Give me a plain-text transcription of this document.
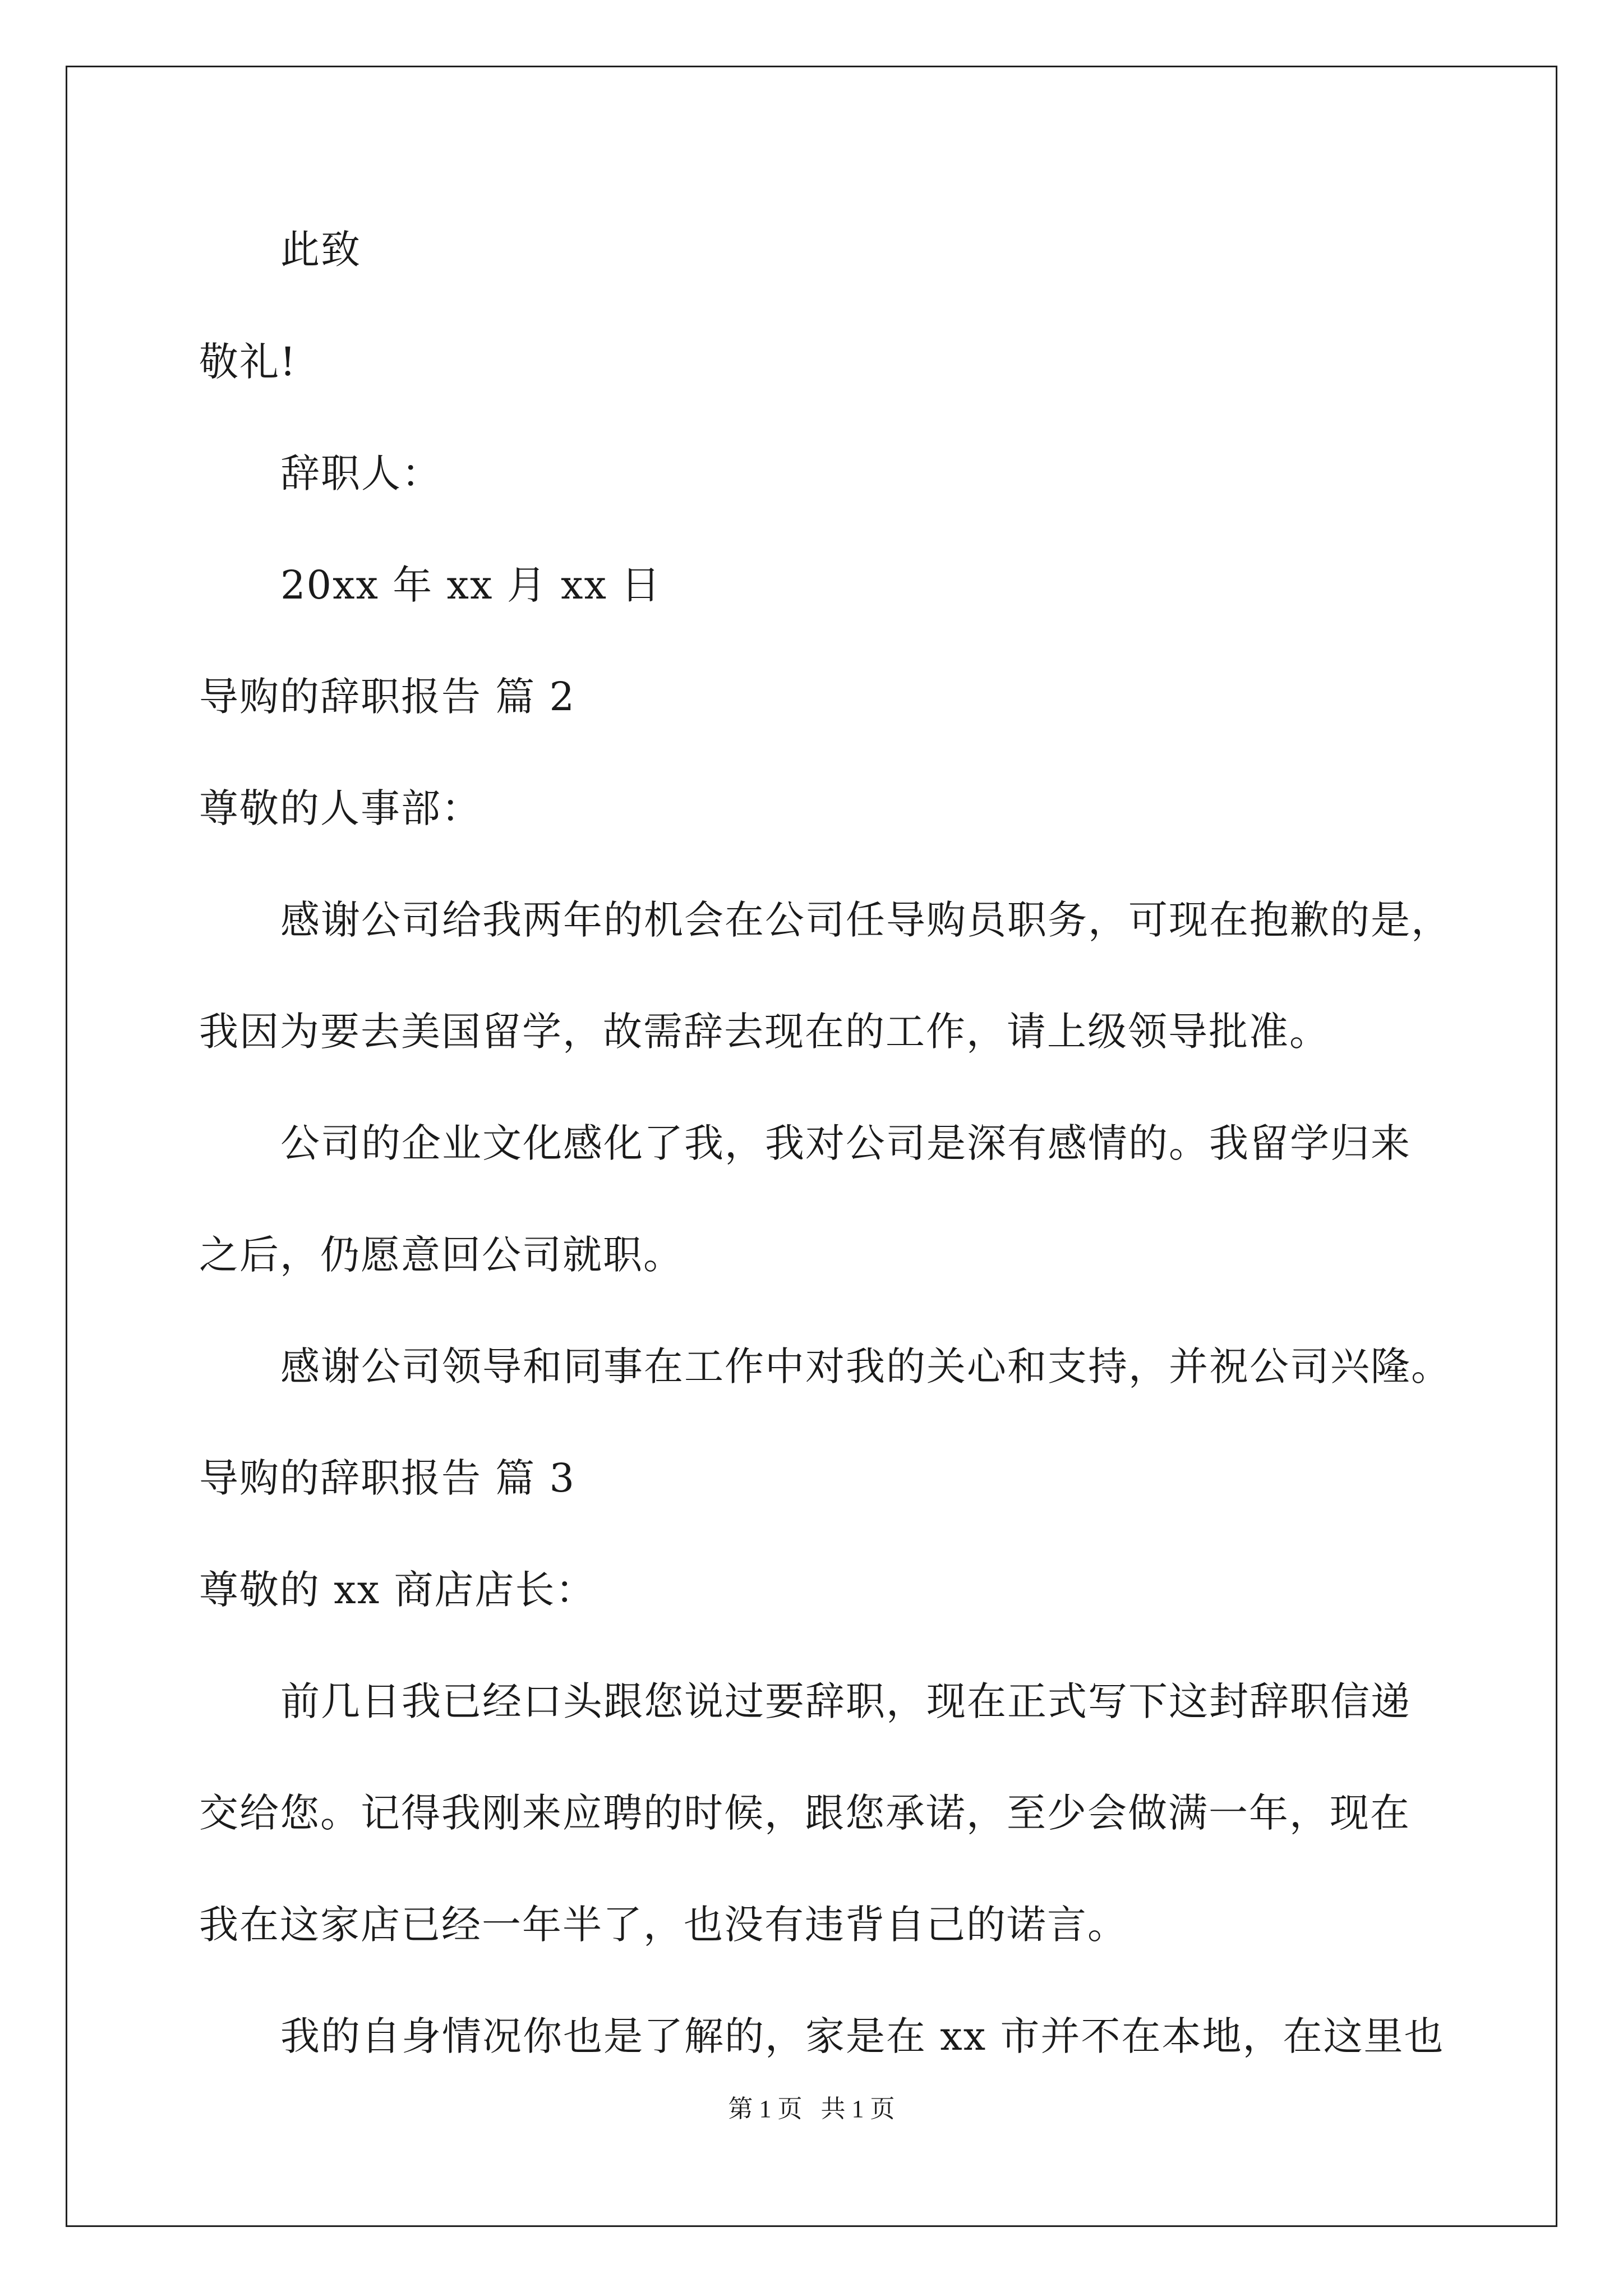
此致
敬礼!
辞职人：
20xx 年 xx 月 xx 日
导购的辞职报告 篇 2
尊敬的人事部：
感谢公司给我两年的机会在公司任导购员职务，可现在抱歉的是，
我因为要去美国留学，故需辞去现在的工作，请上级领导批准。
公司的企业文化感化了我，我对公司是深有感情的。我留学归来
之后，仍愿意回公司就职。
感谢公司领导和同事在工作中对我的关心和支持，并祝公司兴隆。
导购的辞职报告 篇 3
尊敬的 xx 商店店长：
前几日我已经口头跟您说过要辞职，现在正式写下这封辞职信递
交给您。记得我刚来应聘的时候，跟您承诺，至少会做满一年，现在
我在这家店已经一年半了，也没有违背自己的诺言。
我的自身情况你也是了解的，家是在 xx 市并不在本地，在这里也
第 1 页   共 1 页
